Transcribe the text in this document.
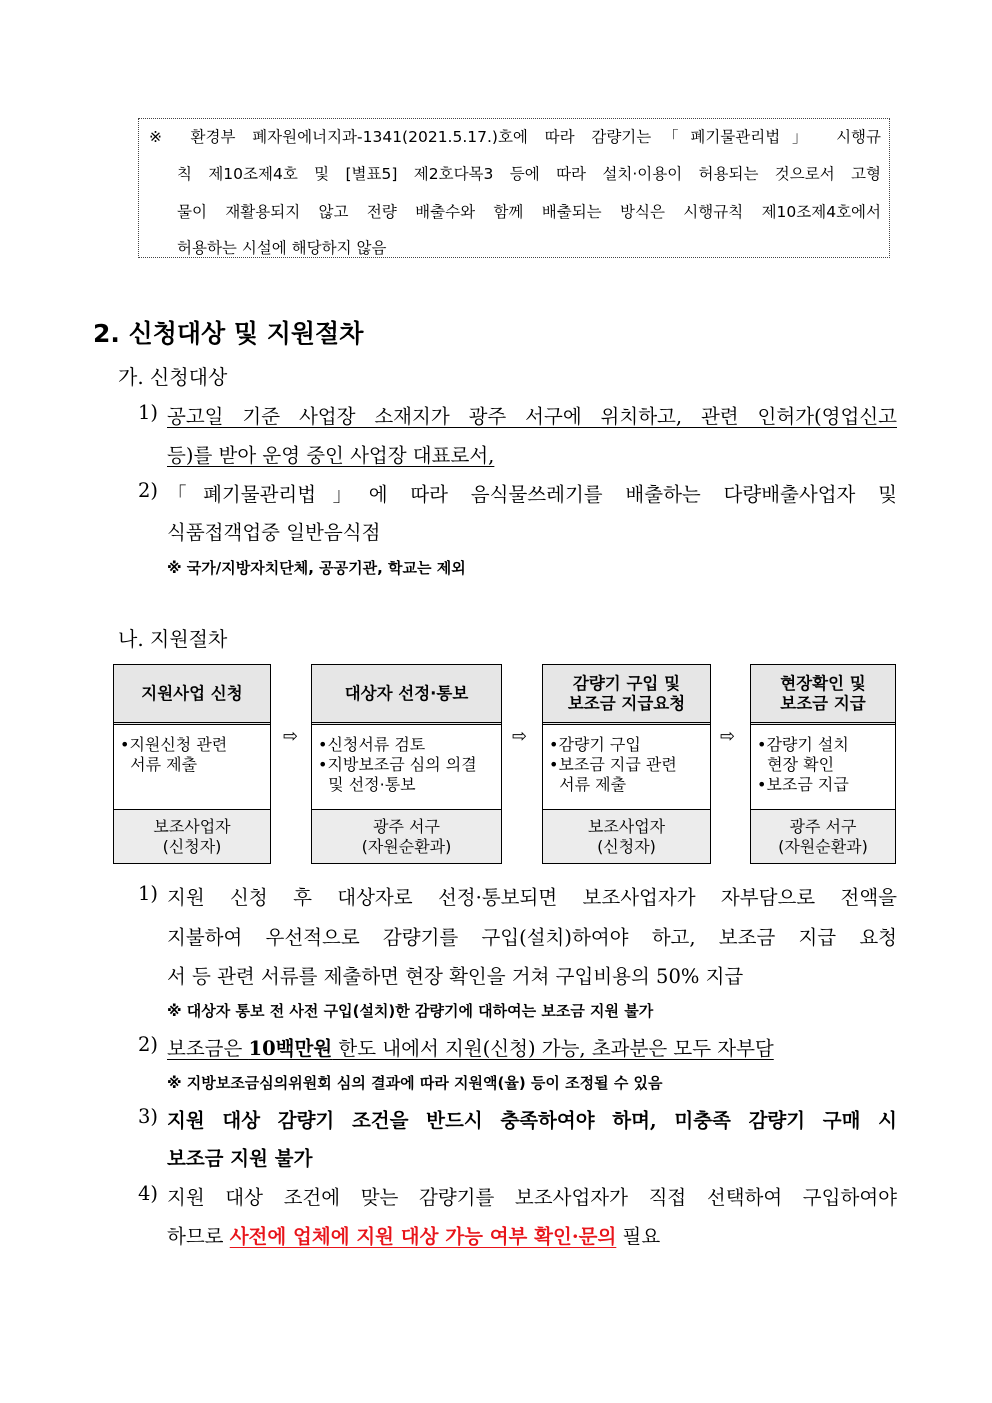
※ 환경부 폐자원에너지과-1341(2021.5.17.)호에 따라 감량기는「폐기물관리법」 시행규
칙 제10조제4호 및 [별표5] 제2호다목3 등에 따라 설치·이용이 허용되는 것으로서 고형
물이 재활용되지 않고 전량 배출수와 함께 배출되는 방식은 시행규칙 제10조제4호에서
허용하는 시설에 해당하지 않음
2. 신청대상 및 지원절차
가. 신청대상
1) 공고일 기준 사업장 소재지가 광주 서구에 위치하고, 관련 인허가(영업신고
등)를 받아 운영 중인 사업장 대표로서,
2) 「폐기물관리법」에 따라 음식물쓰레기를 배출하는 다량배출사업자 및
식품접객업중 일반음식점
※ 국가/지방자치단체, 공공기관, 학교는 제외
나. 지원절차
지원사업 신청
•지원신청 관련
서류 제출
보조사업자
(신청자)
⇨
대상자 선정·통보
•신청서류 검토
•지방보조금 심의 의결
및 선정·통보
광주 서구
(자원순환과)
⇨
감량기 구입 및
보조금 지급요청
•감량기 구입
•보조금 지급 관련
서류 제출
보조사업자
(신청자)
⇨
현장확인 및
보조금 지급
•감량기 설치
현장 확인
•보조금 지급
광주 서구
(자원순환과)
1) 지원 신청 후 대상자로 선정·통보되면 보조사업자가 자부담으로 전액을
지불하여 우선적으로 감량기를 구입(설치)하여야 하고, 보조금 지급 요청
서 등 관련 서류를 제출하면 현장 확인을 거쳐 구입비용의 50% 지급
※ 대상자 통보 전 사전 구입(설치)한 감량기에 대하여는 보조금 지원 불가
2) 보조금은 10백만원 한도 내에서 지원(신청) 가능, 초과분은 모두 자부담
※ 지방보조금심의위원회 심의 결과에 따라 지원액(율) 등이 조정될 수 있음
3) 지원 대상 감량기 조건을 반드시 충족하여야 하며, 미충족 감량기 구매 시
보조금 지원 불가
4) 지원 대상 조건에 맞는 감량기를 보조사업자가 직접 선택하여 구입하여야
하므로 사전에 업체에 지원 대상 가능 여부 확인·문의 필요
